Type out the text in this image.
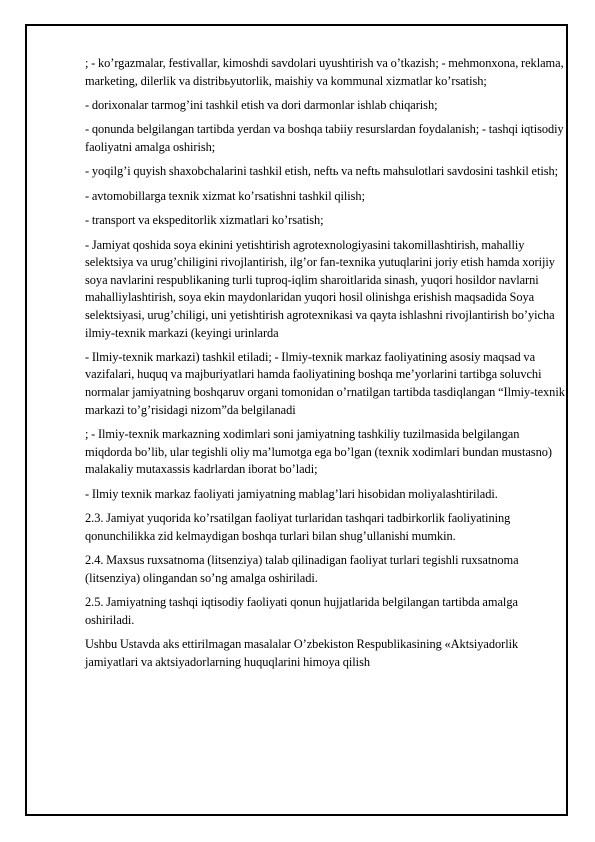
; - ko’rgazmalar, festivallar, kimoshdi savdolari uyushtirish va o’tkazish; - mehmonxona, reklama, marketing, dilerlik va distribьyutorlik, maishiy va kommunal xizmatlar ko’rsatish;

- dorixonalar tarmog’ini tashkil etish va dori darmonlar ishlab chiqarish;

- qonunda belgilangan tartibda yerdan va boshqa tabiiy resurslardan foydalanish; - tashqi iqtisodiy faoliyatni amalga oshirish;

- yoqilg’i quyish shaxobchalarini tashkil etish, neftь va neftь mahsulotlari savdosini tashkil etish;

- avtomobillarga texnik xizmat ko’rsatishni tashkil qilish;

- transport va ekspeditorlik xizmatlari ko’rsatish;

- Jamiyat qoshida soya ekinini yetishtirish agrotexnologiyasini takomillashtirish, mahalliy selektsiya va urug’chiligini rivojlantirish, ilg’or fan-texnika yutuqlarini joriy etish hamda xorijiy soya navlarini respublikaning turli tuproq-iqlim sharoitlarida sinash, yuqori hosildor navlarni mahalliylashtirish, soya ekin maydonlaridan yuqori hosil olinishga erishish maqsadida Soya selektsiyasi, urug’chiligi, uni yetishtirish agrotexnikasi va qayta ishlashni rivojlantirish bo’yicha ilmiy-texnik markazi (keyingi urinlarda

- Ilmiy-texnik markazi) tashkil etiladi; - Ilmiy-texnik markaz faoliyatining asosiy maqsad va vazifalari, huquq va majburiyatlari hamda faoliyatining boshqa me’yorlarini tartibga soluvchi normalar jamiyatning boshqaruv organi tomonidan o’rnatilgan tartibda tasdiqlangan “Ilmiy-texnik markazi to’g’risidagi nizom”da belgilanadi

; - Ilmiy-texnik markazning xodimlari soni jamiyatning tashkiliy tuzilmasida belgilangan miqdorda bo’lib, ular tegishli oliy ma’lumotga ega bo’lgan (texnik xodimlari bundan mustasno) malakaliy mutaxassis kadrlardan iborat bo’ladi;

- Ilmiy texnik markaz faoliyati jamiyatning mablag’lari hisobidan moliyalashtiriladi.

2.3. Jamiyat yuqorida ko’rsatilgan faoliyat turlaridan tashqari tadbirkorlik faoliyatining qonunchilikka zid kelmaydigan boshqa turlari bilan shug’ullanishi mumkin.

2.4. Maxsus ruxsatnoma (litsenziya) talab qilinadigan faoliyat turlari tegishli ruxsatnoma (litsenziya) olingandan so’ng amalga oshiriladi.

2.5. Jamiyatning tashqi iqtisodiy faoliyati qonun hujjatlarida belgilangan tartibda amalga oshiriladi.

Ushbu Ustavda aks ettirilmagan masalalar O’zbekiston Respublikasining «Aktsiyadorlik jamiyatlari va aktsiyadorlarning huquqlarini himoya qilish
